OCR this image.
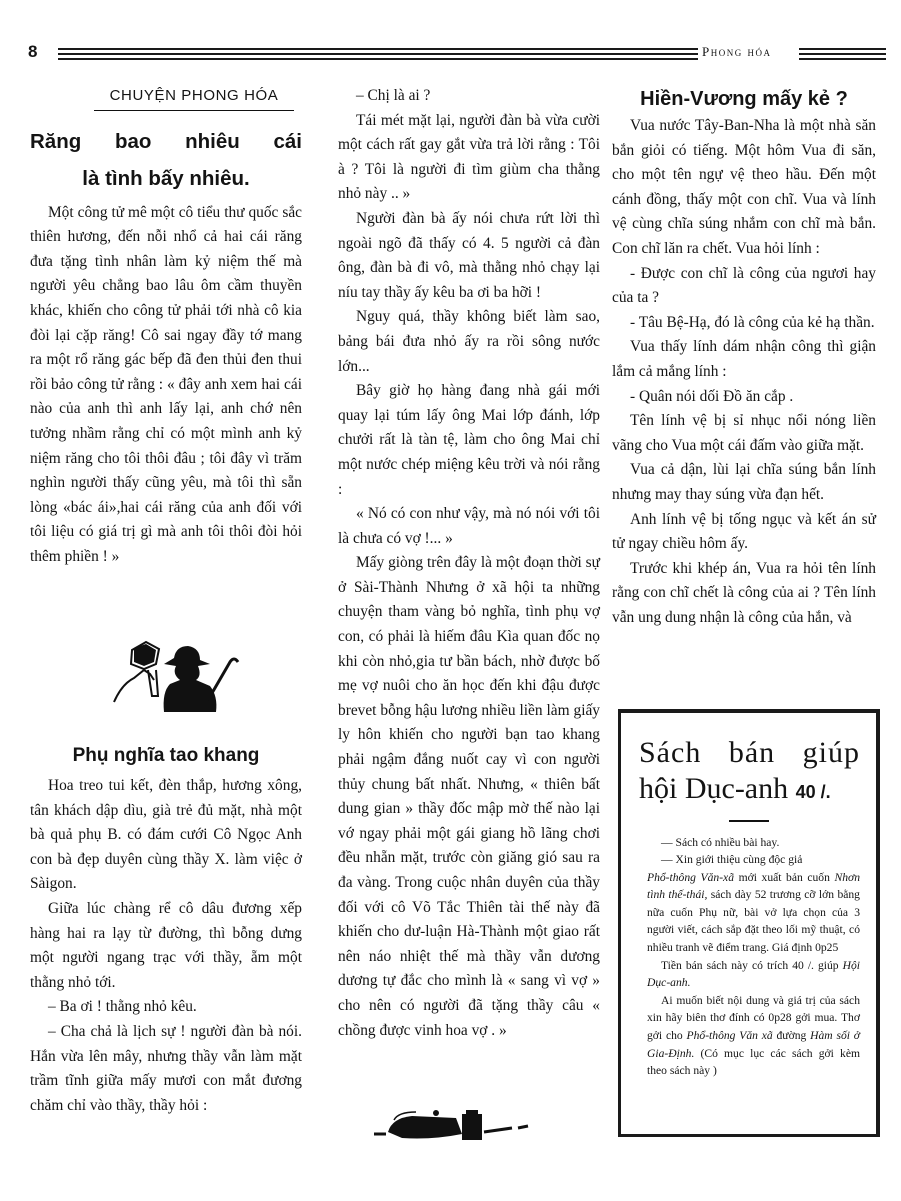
8	Phong hóa
CHUYỆN PHONG HÓA
Răng bao nhiêu cái
là tình bấy nhiêu.

Một công tử mê một cô tiểu thư quốc sắc thiên hương, đến nỗi nhổ cả hai cái răng đưa tặng tình nhân làm kỷ niệm thế mà người yêu chẳng bao lâu ôm cầm thuyền khác, khiến cho công tử phải tới nhà cô kia đòi lại cặp răng! Cô sai ngay đầy tớ mang ra một rổ răng gác bếp đã đen thủi đen thui rồi bảo công tử rằng : « đây anh xem hai cái nào của anh thì anh lấy lại, anh chớ nên tưởng nhầm rằng chỉ có một mình anh kỷ niệm răng cho tôi thôi đâu ; tôi đây vì trăm nghìn người thấy cũng yêu, mà tôi thì sẵn lòng «bác ái»,hai cái răng của anh đối với tôi liệu có giá trị gì mà anh tôi thôi đòi hỏi thêm phiền ! »

Phụ nghĩa tao khang

Hoa treo tui kết, đèn thắp, hương xông, tân khách dập dìu, già trẻ đủ mặt, nhà một bà quả phụ B. có đám cưới Cô Ngọc Anh con bà đẹp duyên cùng thầy X. làm việc ở Sàigon.

Giữa lúc chàng rể cô dâu đương xếp hàng hai ra lạy từ đường, thì bỗng dưng một người ngang trạc với thầy, ẵm một thằng nhỏ tới.

– Ba ơi ! thằng nhỏ kêu.

– Cha chả là lịch sự ! người đàn bà nói. Hắn vừa lên mây, nhưng thầy vẫn làm mặt trầm tĩnh giữa mấy mươi con mắt đương chăm chỉ vào thầy, thầy hỏi :

– Chị là ai ?

Tái mét mặt lại, người đàn bà vừa cười một cách rất gay gắt vừa trả lời rằng : Tôi à ? Tôi là người đi tìm giùm cha thằng nhỏ này .. »

Người đàn bà ấy nói chưa rứt lời thì ngoài ngõ đã thấy có 4. 5 người cả đàn ông, đàn bà đi vô, mà thằng nhỏ chạy lại níu tay thầy ấy kêu ba ơi ba hỡi !

Nguy quá, thầy không biết làm sao, bảng bái đưa nhỏ ấy ra rồi sông nước lớn...

Bây giờ họ hàng đang nhà gái mới quay lại túm lấy ông Mai lớp đánh, lớp chưởi rất là tàn tệ, làm cho ông Mai chỉ một nước chép miệng kêu trời và nói rằng :

« Nó có con như vậy, mà nó nói với tôi là chưa có vợ !... »

Mấy giòng trên đây là một đoạn thời sự ở Sài-Thành Nhưng ở xã hội ta những chuyện tham vàng bỏ nghĩa, tình phụ vợ con, có phải là hiếm đâu Kìa quan đốc nọ khi còn nhỏ,gia tư bần bách, nhờ được bố mẹ vợ nuôi cho ăn học đến khi đậu được brevet bỗng hậu lương nhiều liền làm giấy ly hôn khiến cho người bạn tao khang phải ngậm đắng nuốt cay vì con người thủy chung bất nhất. Nhưng, « thiên bất dung gian » thầy đốc mập mờ thế nào lại vớ ngay phải một gái giang hồ lãng chơi đều nhẵn mặt, trước còn giăng gió sau ra đa vàng. Trong cuộc nhân duyên của thầy đối với cô Võ Tắc Thiên tài thế này đã khiến cho dư-luận Hà-Thành một giao rất nên náo nhiệt thế mà thầy vẫn dương dương tự đắc cho mình là « sang vì vợ » cho nên có người đã tặng thầy câu « chồng được vinh hoa vợ . »

Hiền-Vương mấy kẻ ?

Vua nước Tây-Ban-Nha là một nhà săn bắn giỏi có tiếng. Một hôm Vua đi săn, cho một tên ngự vệ theo hầu. Đến một cánh đồng, thấy một con chĩ. Vua và lính vệ cùng chĩa súng nhắm con chĩ mà bắn. Con chĩ lăn ra chết. Vua hỏi lính :

- Được con chĩ là công của ngươi hay của ta ?

- Tâu Bệ-Hạ, đó là công của kẻ hạ thần.

Vua thấy lính dám nhận công thì giận lắm cả mắng lính :

- Quân nói dối Đồ ăn cắp .

Tên lính vệ bị sỉ nhục nổi nóng liền vãng cho Vua một cái đấm vào giữa mặt.

Vua cả dận, lùi lại chĩa súng bắn lính nhưng may thay súng vừa đạn hết.

Anh lính vệ bị tống ngục và kết án sử tử ngay chiều hôm ấy.

Trước khi khép án, Vua ra hỏi tên lính rằng con chĩ chết là công của ai ? Tên lính vẫn ung dung nhận là công của hắn, và

Sách bán giúp
hội Dục-anh 40 /.

— Sách có nhiều bài hay.

— Xin giới thiệu cùng độc giả

Phổ-thông Văn-xã mới xuất bản cuốn Nhơn tình thế-thái, sách dày 52 trương cỡ lớn bằng nữa cuốn Phụ nữ, bài vở lựa chọn của 3 người viết, cách sắp đặt theo lối mỹ thuật, có nhiều tranh vẽ điểm trang. Giá định 0p25

Tiền bán sách này có trích 40 /. giúp Hội Dục-anh.

Ai muốn biết nội dung và giá trị của sách xin hãy biên thơ đính có 0p28 gởi mua. Thơ gởi cho Phổ-thông Văn xã đường Hàm sối ở Gia-Định. (Có mục lục các sách gởi kèm theo sách này )
